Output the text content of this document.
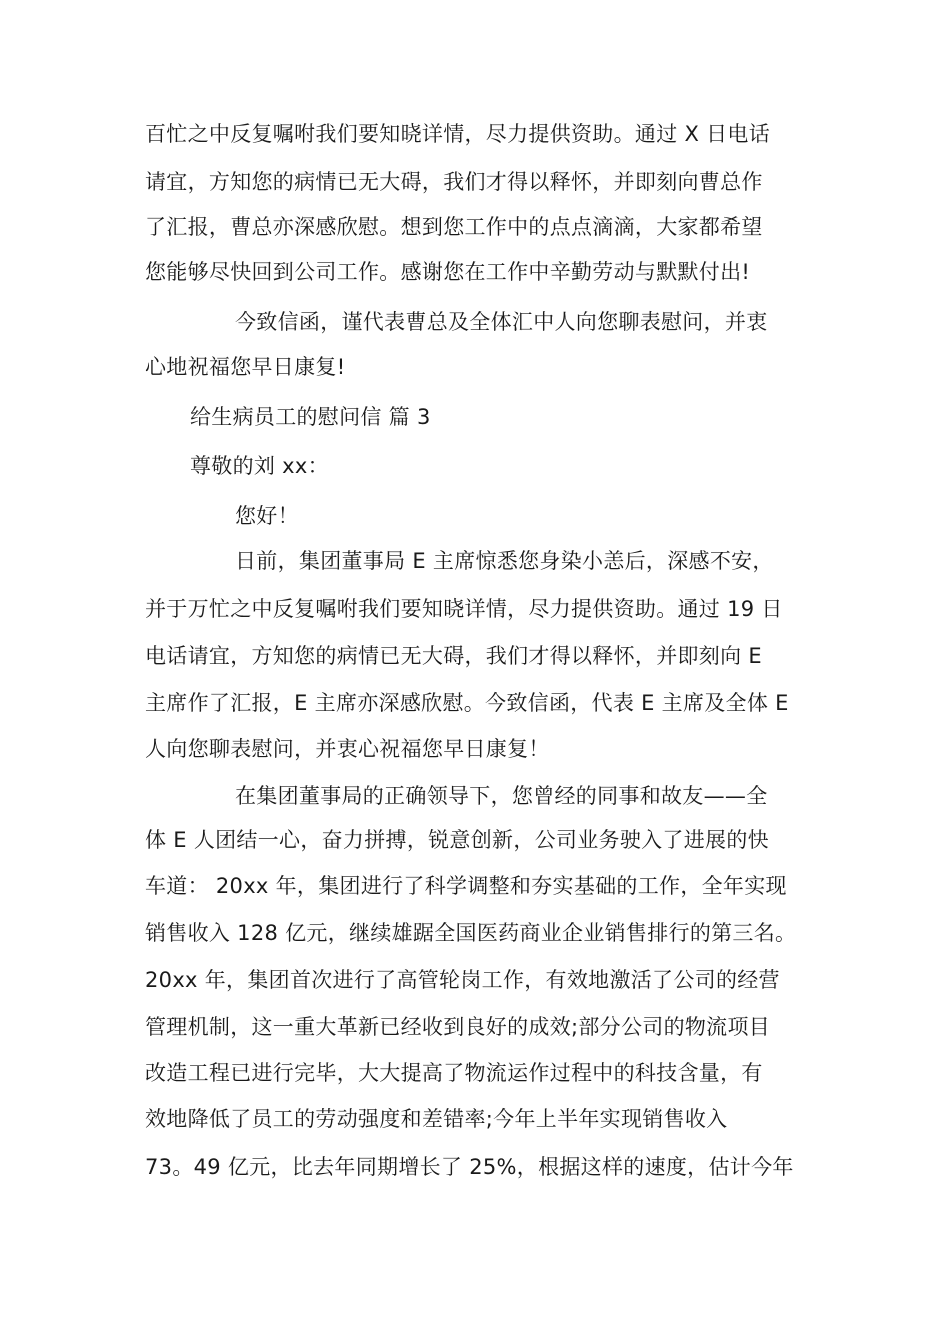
百忙之中反复嘱咐我们要知晓详情，尽力提供资助。通过 X 日电话
请宜，方知您的病情已无大碍，我们才得以释怀，并即刻向曹总作
了汇报，曹总亦深感欣慰。想到您工作中的点点滴滴，大家都希望
您能够尽快回到公司工作。感谢您在工作中辛勤劳动与默默付出!
今致信函，谨代表曹总及全体汇中人向您聊表慰问，并衷
心地祝福您早日康复!
给生病员工的慰问信 篇 3
尊敬的刘 xx：
您好！
日前，集团董事局 E 主席惊悉您身染小恙后，深感不安，
并于万忙之中反复嘱咐我们要知晓详情，尽力提供资助。通过 19 日
电话请宜，方知您的病情已无大碍，我们才得以释怀，并即刻向 E
主席作了汇报，E 主席亦深感欣慰。今致信函，代表 E 主席及全体 E
人向您聊表慰问，并衷心祝福您早日康复！
在集团董事局的正确领导下，您曾经的同事和故友——全
体 E 人团结一心，奋力拼搏，锐意创新，公司业务驶入了进展的快
车道： 20xx 年，集团进行了科学调整和夯实基础的工作，全年实现
销售收入 128 亿元，继续雄踞全国医药商业企业销售排行的第三名。
20xx 年，集团首次进行了高管轮岗工作，有效地激活了公司的经营
管理机制，这一重大革新已经收到良好的成效;部分公司的物流项目
改造工程已进行完毕，大大提高了物流运作过程中的科技含量，有
效地降低了员工的劳动强度和差错率;今年上半年实现销售收入
73。49 亿元，比去年同期增长了 25%，根据这样的速度，估计今年
